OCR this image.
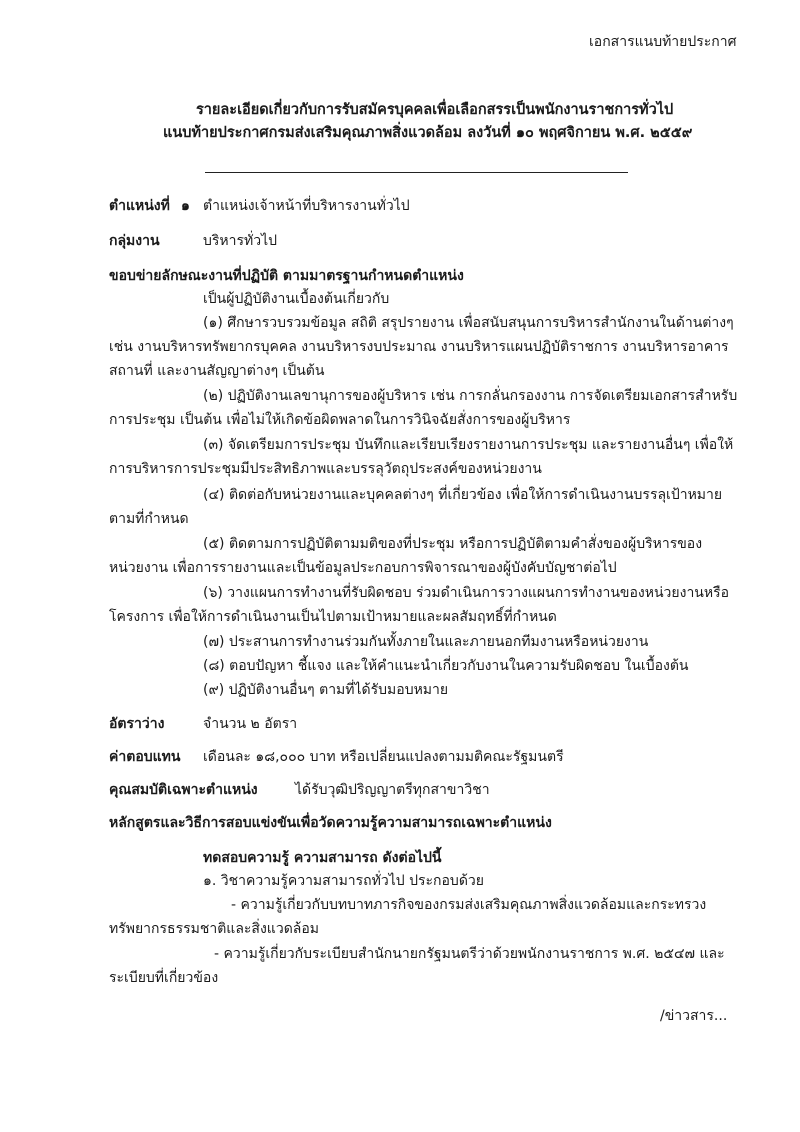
เอกสารแนบท้ายประกาศ
รายละเอียดเกี่ยวกับการรับสมัครบุคคลเพื่อเลือกสรรเป็นพนักงานราชการทั่วไป
แนบท้ายประกาศกรมส่งเสริมคุณภาพสิ่งแวดล้อม ลงวันที่ ๑๐ พฤศจิกายน พ.ศ. ๒๕๕๙
ตำแหน่งที่ ๑ ตำแหน่งเจ้าหน้าที่บริหารงานทั่วไป
กลุ่มงาน	บริหารทั่วไป
ขอบข่ายลักษณะงานที่ปฏิบัติ ตามมาตรฐานกำหนดตำแหน่ง
เป็นผู้ปฏิบัติงานเบื้องต้นเกี่ยวกับ
(๑) ศึกษารวบรวมข้อมูล สถิติ สรุปรายงาน เพื่อสนับสนุนการบริหารสำนักงานในด้านต่างๆ
เช่น งานบริหารทรัพยากรบุคคล งานบริหารงบประมาณ งานบริหารแผนปฏิบัติราชการ งานบริหารอาคาร
สถานที่ และงานสัญญาต่างๆ เป็นต้น
(๒) ปฏิบัติงานเลขานุการของผู้บริหาร เช่น การกลั่นกรองงาน การจัดเตรียมเอกสารสำหรับ
การประชุม เป็นต้น เพื่อไม่ให้เกิดข้อผิดพลาดในการวินิจฉัยสั่งการของผู้บริหาร
(๓) จัดเตรียมการประชุม บันทึกและเรียบเรียงรายงานการประชุม และรายงานอื่นๆ เพื่อให้
การบริหารการประชุมมีประสิทธิภาพและบรรลุวัตถุประสงค์ของหน่วยงาน
(๔) ติดต่อกับหน่วยงานและบุคคลต่างๆ ที่เกี่ยวข้อง เพื่อให้การดำเนินงานบรรลุเป้าหมาย
ตามที่กำหนด
(๕) ติดตามการปฏิบัติตามมติของที่ประชุม หรือการปฏิบัติตามคำสั่งของผู้บริหารของ
หน่วยงาน เพื่อการรายงานและเป็นข้อมูลประกอบการพิจารณาของผู้บังคับบัญชาต่อไป
(๖) วางแผนการทำงานที่รับผิดชอบ ร่วมดำเนินการวางแผนการทำงานของหน่วยงานหรือ
โครงการ เพื่อให้การดำเนินงานเป็นไปตามเป้าหมายและผลสัมฤทธิ์ที่กำหนด
(๗) ประสานการทำงานร่วมกันทั้งภายในและภายนอกทีมงานหรือหน่วยงาน
(๘) ตอบปัญหา ชี้แจง และให้คำแนะนำเกี่ยวกับงานในความรับผิดชอบ ในเบื้องต้น
(๙) ปฏิบัติงานอื่นๆ ตามที่ได้รับมอบหมาย
อัตราว่าง	จำนวน ๒ อัตรา
ค่าตอบแทน เดือนละ ๑๘,๐๐๐ บาท หรือเปลี่ยนแปลงตามมติคณะรัฐมนตรี
คุณสมบัติเฉพาะตำแหน่ง	ได้รับวุฒิปริญญาตรีทุกสาขาวิชา
หลักสูตรและวิธีการสอบแข่งขันเพื่อวัดความรู้ความสามารถเฉพาะตำแหน่ง
ทดสอบความรู้ ความสามารถ ดังต่อไปนี้
๑. วิชาความรู้ความสามารถทั่วไป ประกอบด้วย
- ความรู้เกี่ยวกับบทบาทภารกิจของกรมส่งเสริมคุณภาพสิ่งแวดล้อมและกระทรวง
ทรัพยากรธรรมชาติและสิ่งแวดล้อม
- ความรู้เกี่ยวกับระเบียบสำนักนายกรัฐมนตรีว่าด้วยพนักงานราชการ พ.ศ. ๒๕๔๗ และ
ระเบียบที่เกี่ยวข้อง
/ข่าวสาร...
